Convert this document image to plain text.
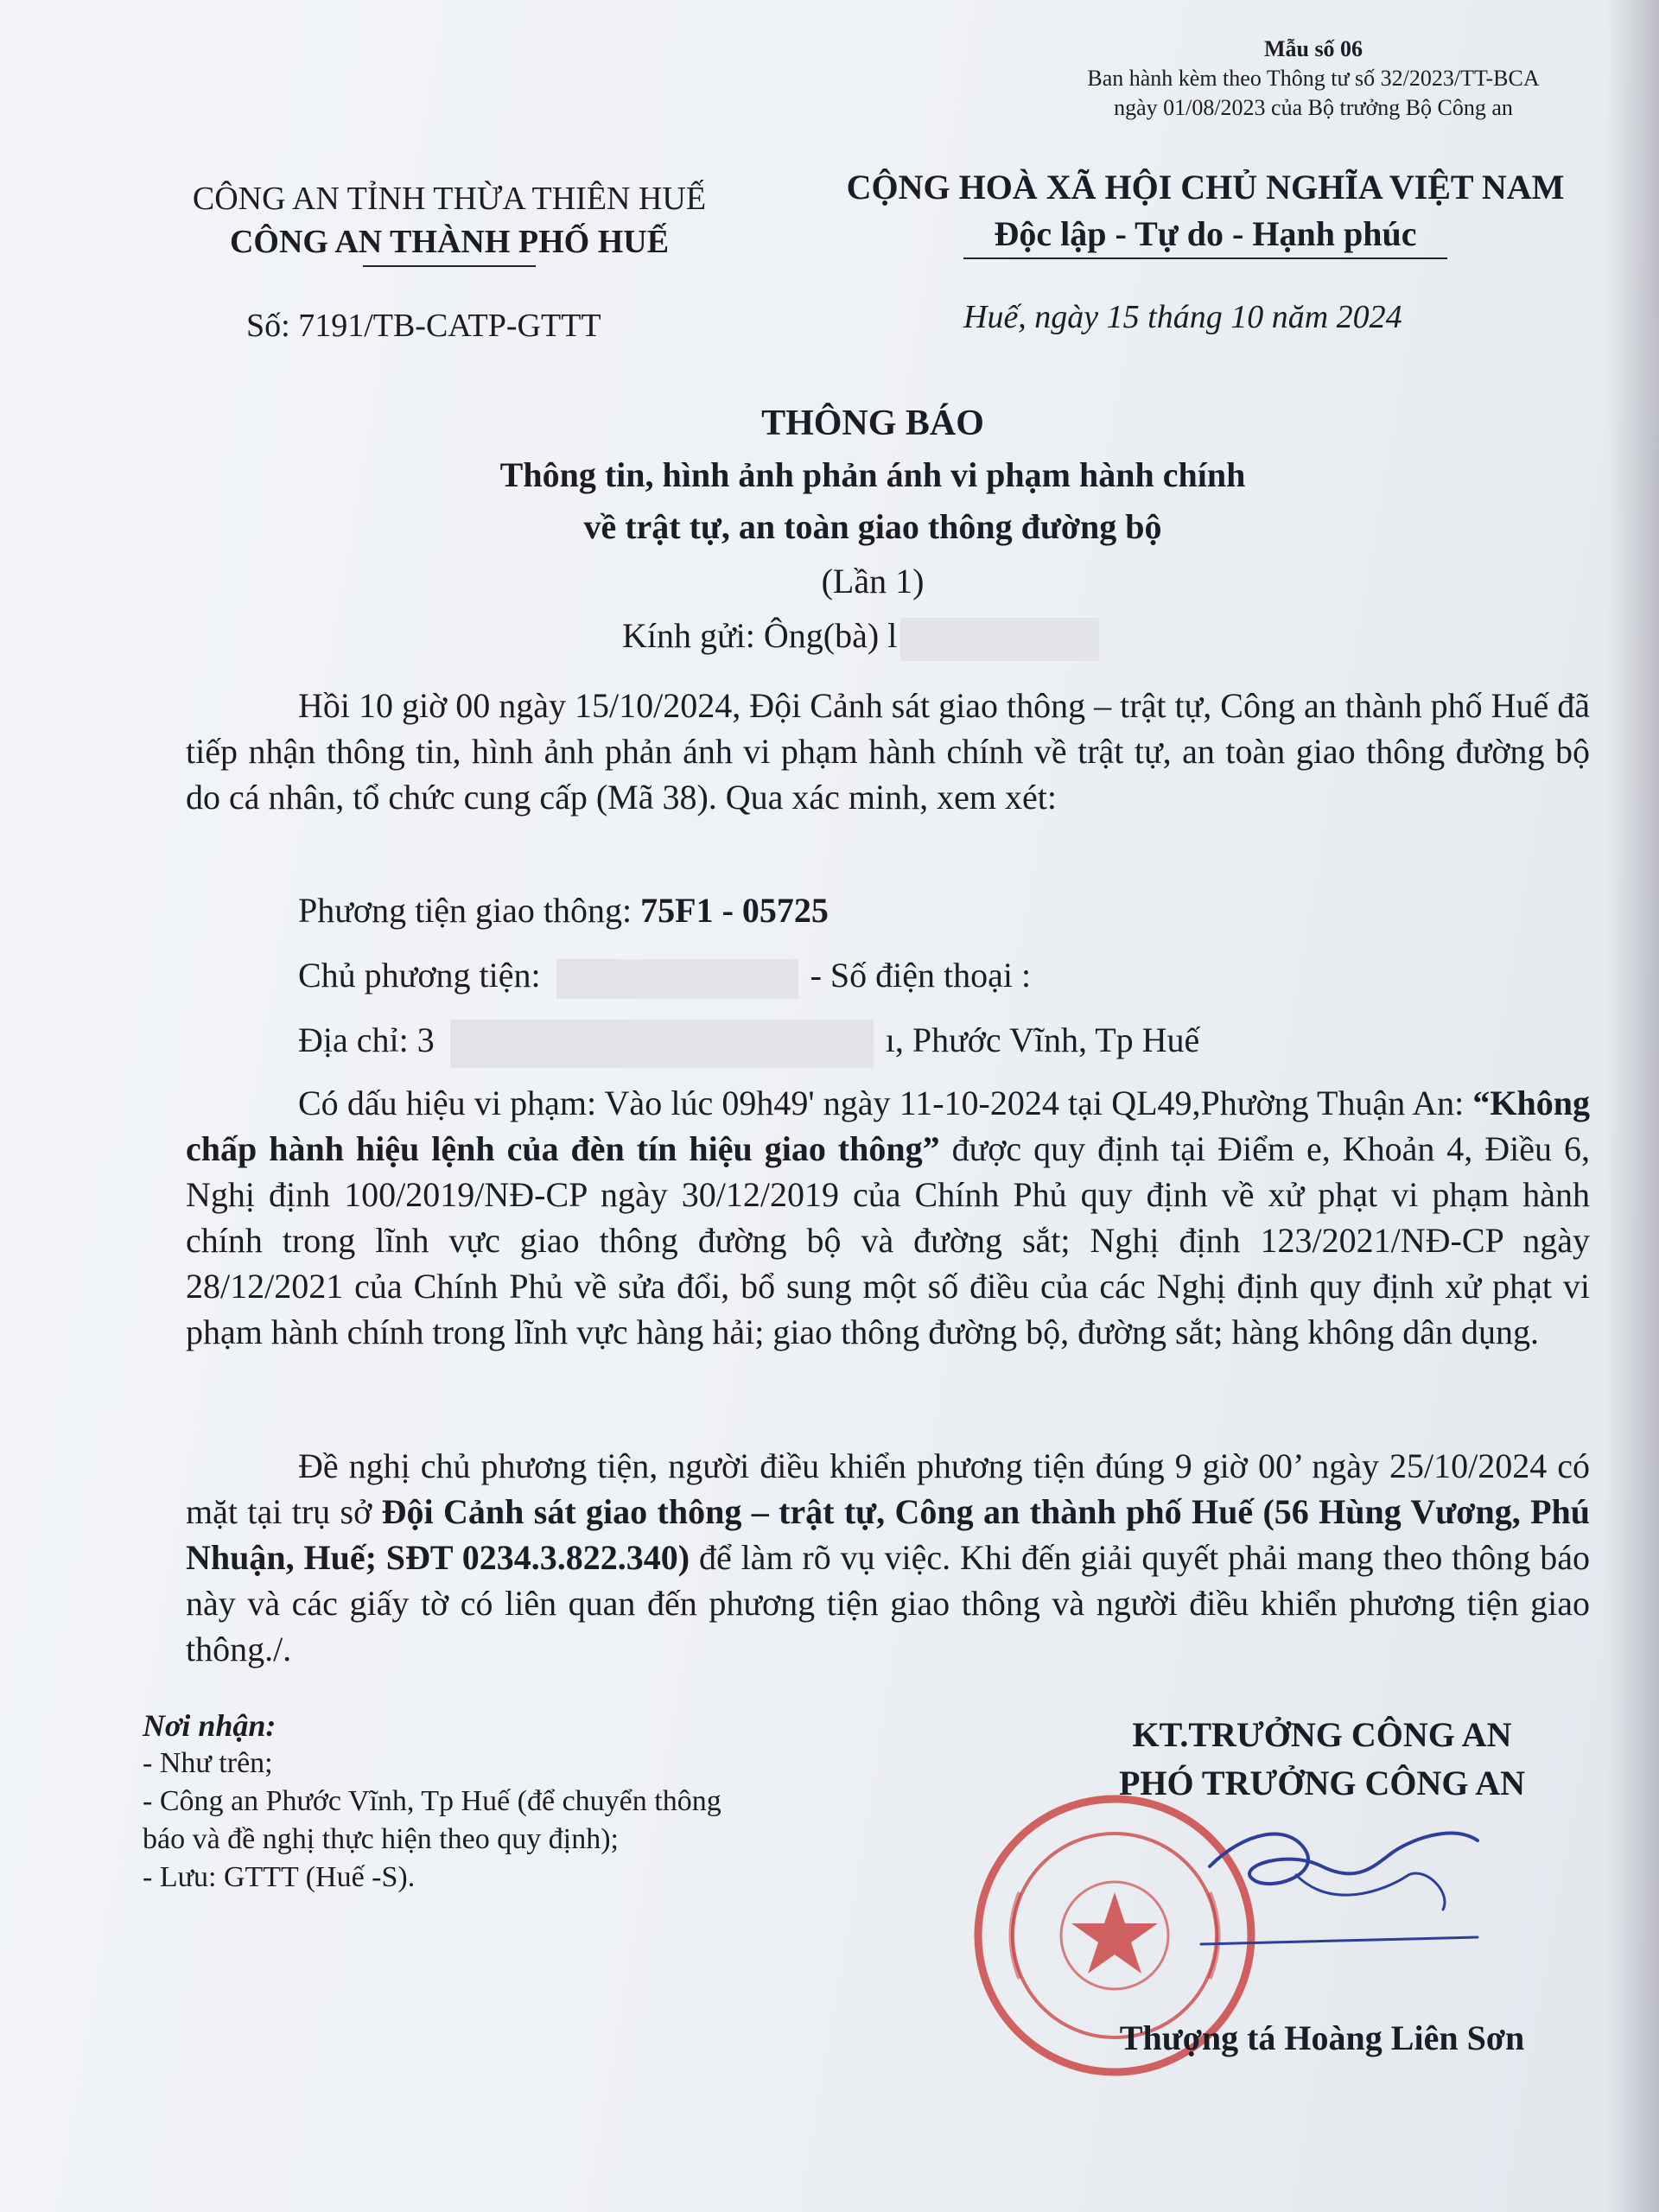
Mẫu số 06
Ban hành kèm theo Thông tư số 32/2023/TT-BCA
ngày 01/08/2023 của Bộ trưởng Bộ Công an
CÔNG AN TỈNH THỪA THIÊN HUẾ
CÔNG AN THÀNH PHỐ HUẾ
CỘNG HOÀ XÃ HỘI CHỦ NGHĨA VIỆT NAM
Độc lập - Tự do - Hạnh phúc
Số: 7191/TB-CATP-GTTT	Huế, ngày 15 tháng 10 năm 2024
THÔNG BÁO
Thông tin, hình ảnh phản ánh vi phạm hành chính
về trật tự, an toàn giao thông đường bộ
(Lần 1)
Kính gửi: Ông(bà) l
Hồi 10 giờ 00 ngày 15/10/2024, Đội Cảnh sát giao thông – trật tự, Công an thành phố Huế đã tiếp nhận thông tin, hình ảnh phản ánh vi phạm hành chính về trật tự, an toàn giao thông đường bộ do cá nhân, tổ chức cung cấp (Mã 38). Qua xác minh, xem xét:
Phương tiện giao thông: 75F1 - 05725
Chủ phương tiện:	- Số điện thoại :
Địa chỉ: 3	ı, Phước Vĩnh, Tp Huế
Có dấu hiệu vi phạm: Vào lúc 09h49' ngày 11-10-2024 tại QL49,Phường Thuận An: “Không chấp hành hiệu lệnh của đèn tín hiệu giao thông” được quy định tại Điểm e, Khoản 4, Điều 6, Nghị định 100/2019/NĐ-CP ngày 30/12/2019 của Chính Phủ quy định về xử phạt vi phạm hành chính trong lĩnh vực giao thông đường bộ và đường sắt; Nghị định 123/2021/NĐ-CP ngày 28/12/2021 của Chính Phủ về sửa đổi, bổ sung một số điều của các Nghị định quy định xử phạt vi phạm hành chính trong lĩnh vực hàng hải; giao thông đường bộ, đường sắt; hàng không dân dụng.
Đề nghị chủ phương tiện, người điều khiển phương tiện đúng 9 giờ 00’ ngày 25/10/2024 có mặt tại trụ sở Đội Cảnh sát giao thông – trật tự, Công an thành phố Huế (56 Hùng Vương, Phú Nhuận, Huế; SĐT 0234.3.822.340) để làm rõ vụ việc. Khi đến giải quyết phải mang theo thông báo này và các giấy tờ có liên quan đến phương tiện giao thông và người điều khiển phương tiện giao thông./.
Nơi nhận:
- Như trên;
- Công an Phước Vĩnh, Tp Huế (để chuyển thông
báo và đề nghị thực hiện theo quy định);
- Lưu: GTTT (Huế -S).
KT.TRƯỞNG CÔNG AN
PHÓ TRƯỞNG CÔNG AN
Thượng tá Hoàng Liên Sơn
